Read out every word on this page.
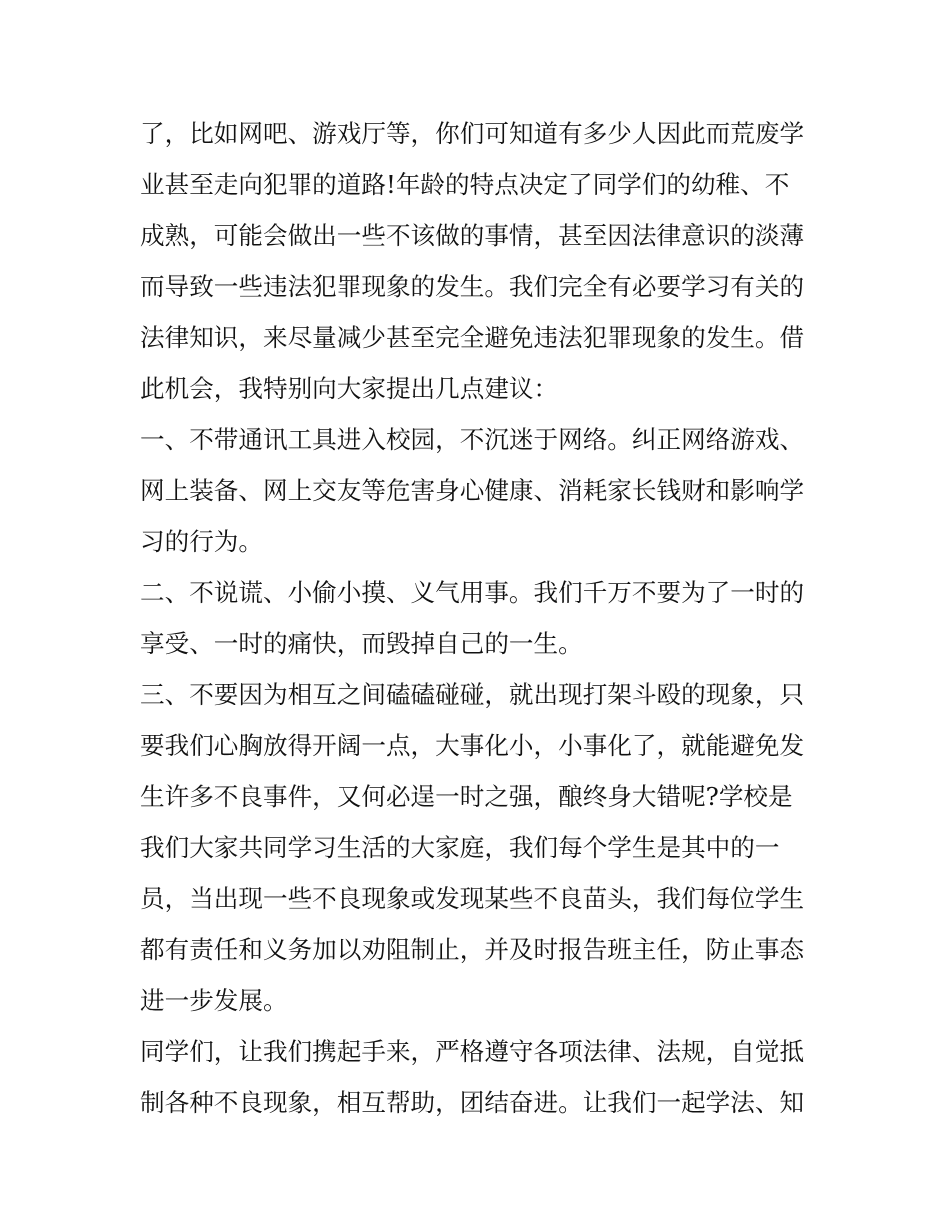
了，比如网吧、游戏厅等，你们可知道有多少人因此而荒废学
业甚至走向犯罪的道路!年龄的特点决定了同学们的幼稚、不
成熟，可能会做出一些不该做的事情，甚至因法律意识的淡薄
而导致一些违法犯罪现象的发生。我们完全有必要学习有关的
法律知识，来尽量减少甚至完全避免违法犯罪现象的发生。借
此机会，我特别向大家提出几点建议：
一、不带通讯工具进入校园，不沉迷于网络。纠正网络游戏、
网上装备、网上交友等危害身心健康、消耗家长钱财和影响学
习的行为。
二、不说谎、小偷小摸、义气用事。我们千万不要为了一时的
享受、一时的痛快，而毁掉自己的一生。
三、不要因为相互之间磕磕碰碰，就出现打架斗殴的现象，只
要我们心胸放得开阔一点，大事化小，小事化了，就能避免发
生许多不良事件，又何必逞一时之强，酿终身大错呢?学校是
我们大家共同学习生活的大家庭，我们每个学生是其中的一
员，当出现一些不良现象或发现某些不良苗头，我们每位学生
都有责任和义务加以劝阻制止，并及时报告班主任，防止事态
进一步发展。
同学们，让我们携起手来，严格遵守各项法律、法规，自觉抵
制各种不良现象，相互帮助，团结奋进。让我们一起学法、知
